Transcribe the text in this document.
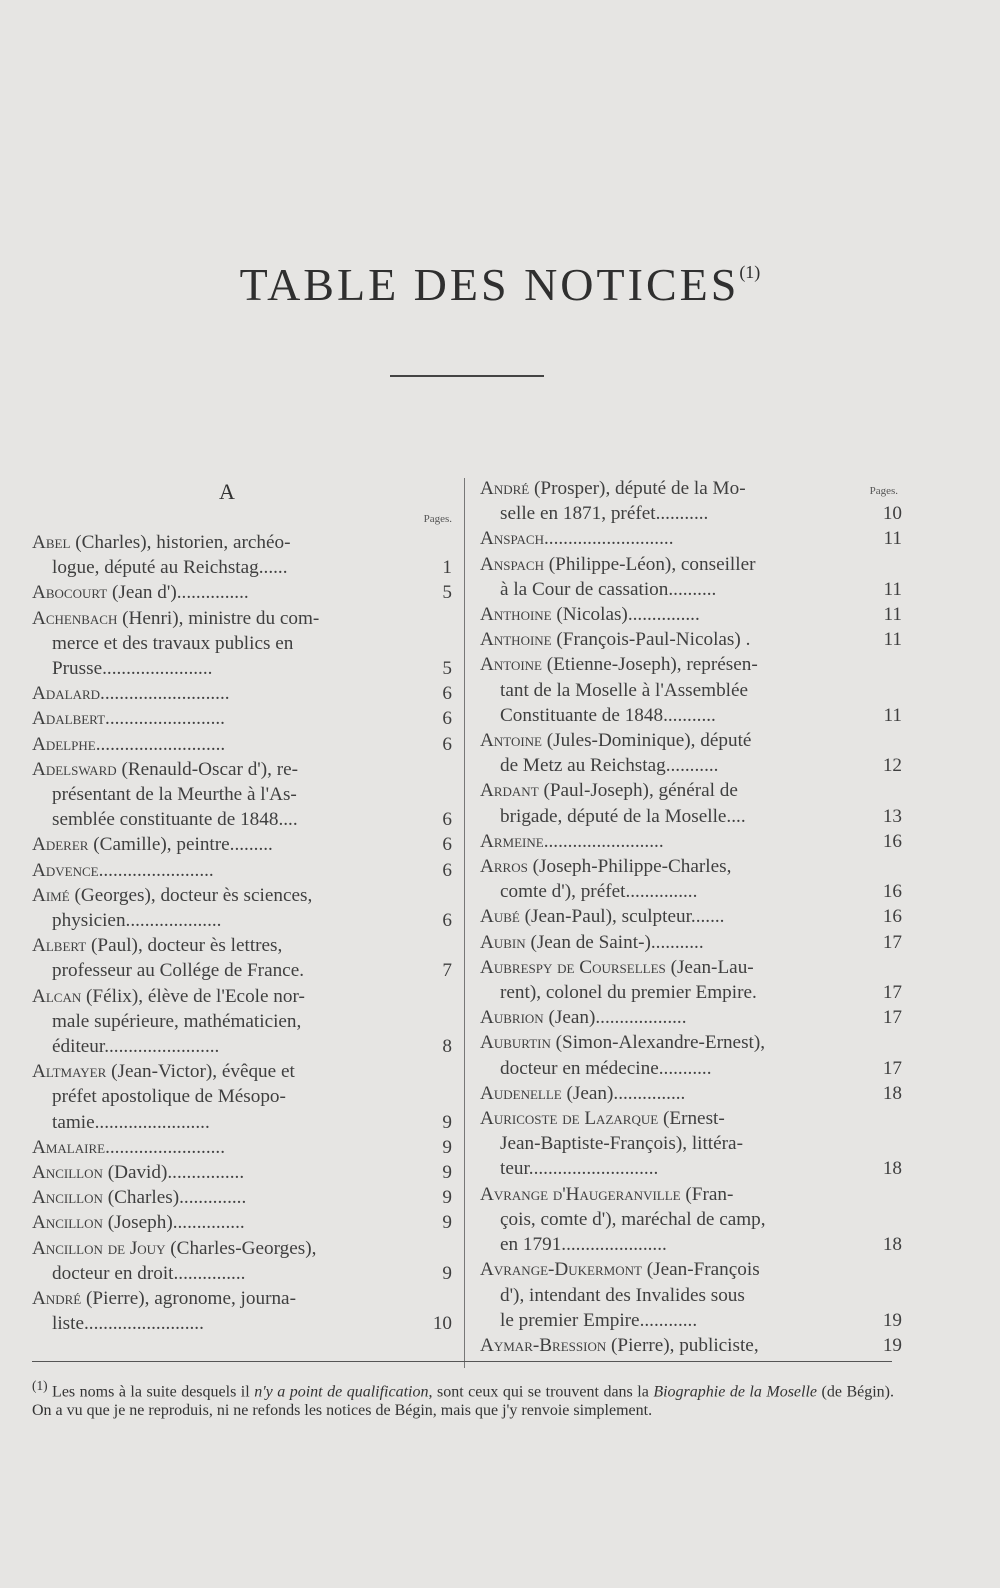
TABLE DES NOTICES$^{(1)}$
A
Pages.
Abel (Charles), historien, archéo-
logue, député au Reichstag......	1
Abocourt (Jean d')...............	5
Achenbach (Henri), ministre du com-
merce et des travaux publics en
Prusse.......................	5
Adalard...........................	6
Adalbert.........................	6
Adelphe...........................	6
Adelsward (Renauld-Oscar d'), re-
présentant de la Meurthe à l'As-
semblée constituante de 1848....	6
Aderer (Camille), peintre.........	6
Advence........................	6
Aimé (Georges), docteur ès sciences,
physicien....................	6
Albert (Paul), docteur ès lettres,
professeur au Collége de France.	7
Alcan (Félix), élève de l'Ecole nor-
male supérieure, mathématicien,
éditeur........................	8
Altmayer (Jean-Victor), évêque et
préfet apostolique de Mésopo-
tamie........................	9
Amalaire.........................	9
Ancillon (David)................	9
Ancillon (Charles)..............	9
Ancillon (Joseph)...............	9
Ancillon de Jouy (Charles-Georges),
docteur en droit...............	9
André (Pierre), agronome, journa-
liste.........................	10
Pages.
André (Prosper), député de la Mo-
selle en 1871, préfet...........	10
Anspach...........................	11
Anspach (Philippe-Léon), conseiller
à la Cour de cassation..........	11
Anthoine (Nicolas)...............	11
Anthoine (François-Paul-Nicolas) .	11
Antoine (Etienne-Joseph), représen-
tant de la Moselle à l'Assemblée
Constituante de 1848...........	11
Antoine (Jules-Dominique), député
de Metz au Reichstag...........	12
Ardant (Paul-Joseph), général de
brigade, député de la Moselle....	13
Armeine.........................	16
Arros (Joseph-Philippe-Charles,
comte d'), préfet...............	16
Aubé (Jean-Paul), sculpteur.......	16
Aubin (Jean de Saint-)...........	17
Aubrespy de Courselles (Jean-Lau-
rent), colonel du premier Empire.	17
Aubrion (Jean)...................	17
Auburtin (Simon-Alexandre-Ernest),
docteur en médecine...........	17
Audenelle (Jean)...............	18
Auricoste de Lazarque (Ernest-
Jean-Baptiste-François), littéra-
teur...........................	18
Avrange d'Haugeranville (Fran-
çois, comte d'), maréchal de camp,
en 1791......................	18
Avrange-Dukermont (Jean-François
d'), intendant des Invalides sous
le premier Empire............	19
Aymar-Bression (Pierre), publiciste,	19
$^{(1)}$ Les noms à la suite desquels il n'y a point de qualification, sont ceux qui se trouvent dans la Biographie de la Moselle (de Bégin). On a vu que je ne reproduis, ni ne refonds les notices de Bégin, mais que j'y renvoie simplement.
